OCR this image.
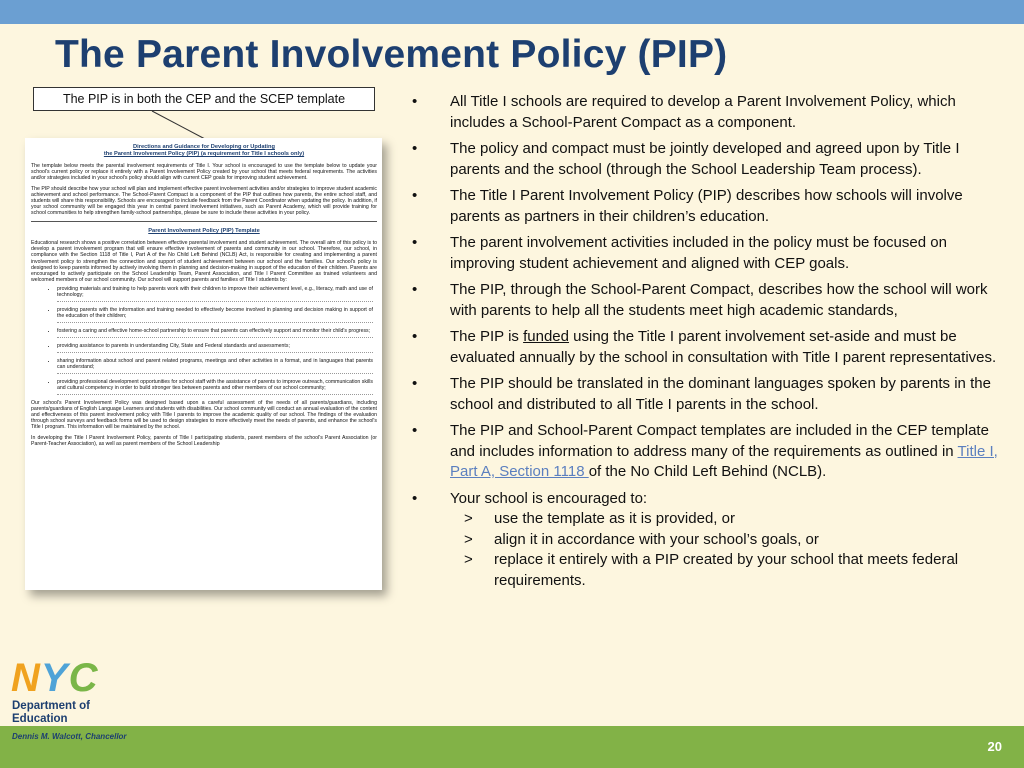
The Parent Involvement Policy (PIP)
The PIP is in both the CEP and the SCEP template
Directions and Guidance for Developing or Updating
the Parent Involvement Policy (PIP) (a requirement for Title I schools only)

The template below meets the parental involvement requirements of Title I. Your school is encouraged to use the template below to update your school's current policy or replace it entirely with a Parent Involvement Policy created by your school that meets federal requirements. The activities and/or strategies included in your school's policy should align with current CEP goals for improving student achievement.

The PIP should describe how your school will plan and implement effective parent involvement activities and/or strategies to improve student academic achievement and school performance. The School-Parent Compact is a component of the PIP that outlines how parents, the entire school staff, and students will share this responsibility. Schools are encouraged to include feedback from the Parent Coordinator when updating the policy. In addition, if your school community will be engaged this year in central parent involvement initiatives, such as Parent Academy, which will provide training for school communities to help strengthen family-school partnerships, please be sure to include these activities in your policy.

Parent Involvement Policy (PIP) Template

Educational research shows a positive correlation between effective parental involvement and student achievement. The overall aim of this policy is to develop a parent involvement program that will ensure effective involvement of parents and community in our school. Therefore, our school, in compliance with the Section 1118 of Title I, Part A of the No Child Left Behind (NCLB) Act, is responsible for creating and implementing a parent involvement policy to strengthen the connection and support of student achievement between our school and the families. Our school's policy is designed to keep parents informed by actively involving them in planning and decision-making in support of the education of their children. Parents are encouraged to actively participate on the School Leadership Team, Parent Association, and Title I Parent Committee as trained volunteers and welcomed members of our school community. Our school will support parents and families of Title I students by:

• providing materials and training to help parents work with their children to improve their achievement level, e.g., literacy, math and use of technology;
• providing parents with the information and training needed to effectively become involved in planning and decision making in support of the education of their children;
• fostering a caring and effective home-school partnership to ensure that parents can effectively support and monitor their child's progress;
• providing assistance to parents in understanding City, State and Federal standards and assessments;
• sharing information about school and parent related programs, meetings and other activities in a format, and in languages that parents can understand;
• providing professional development opportunities for school staff with the assistance of parents to improve outreach, communication skills and cultural competency in order to build stronger ties between parents and other members of our school community;

Our school's Parent Involvement Policy was designed based upon a careful assessment of the needs of all parents/guardians, including parents/guardians of English Language Learners and students with disabilities. Our school community will conduct an annual evaluation of the content and effectiveness of this parent involvement policy with Title I parents to improve the academic quality of our school. The findings of the evaluation through school surveys and feedback forms will be used to design strategies to more effectively meet the needs of parents, and enhance the school's Title I program. This information will be maintained by the school.

In developing the Title I Parent Involvement Policy, parents of Title I participating students, parent members of the school's Parent Association (or Parent-Teacher Association), as well as parent members of the School Leadership

• All Title I schools are required to develop a Parent Involvement Policy, which includes a School-Parent Compact as a component.
• The policy and compact must be jointly developed and agreed upon by Title I parents and the school (through the School Leadership Team process).
• The Title I Parent Involvement Policy (PIP) describes how schools will involve parents as partners in their children’s education.
• The parent involvement activities included in the policy must be focused on improving student achievement and aligned with CEP goals.
• The PIP, through the School-Parent Compact, describes how the school will work with parents to help all the students meet high academic standards,
• The PIP is funded using the Title I parent involvement set-aside and must be evaluated annually by the school in consultation with Title I parent representatives.
• The PIP should be translated in the dominant languages spoken by parents in the school and distributed to all Title I parents in the school.
• The PIP and School-Parent Compact templates are included in the CEP template and includes information to address many of the requirements as outlined in Title I, Part A, Section 1118 of the No Child Left Behind (NCLB).
• Your school is encouraged to:
> use the template as it is provided, or
> align it in accordance with your school’s goals, or
> replace it entirely with a PIP created by your school that meets federal requirements.
20
NYC
Department of
Education
Dennis M. Walcott, Chancellor
